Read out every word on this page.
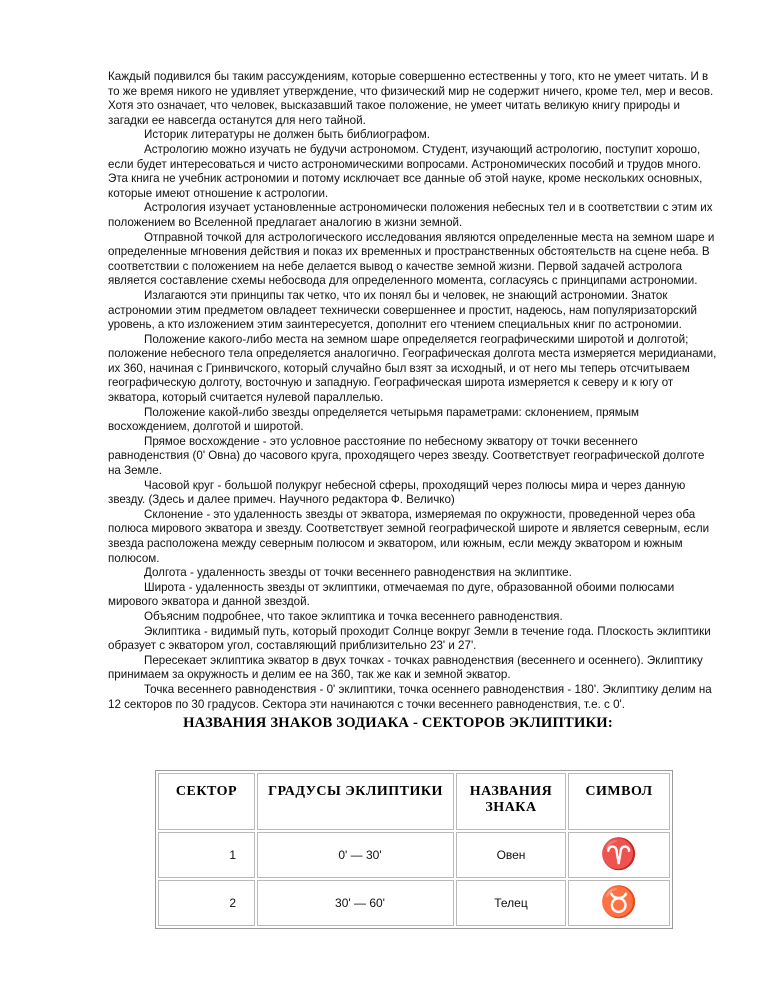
Каждый подивился бы таким рассуждениям, которые совершенно естественны у того, кто не умеет читать. И в то же время никого не удивляет утверждение, что физический мир не содержит ничего, кроме тел, мер и весов. Хотя это означает, что человек, высказавший такое положение, не умеет читать великую книгу природы и загадки ее навсегда останутся для него тайной.

Историк литературы не должен быть библиографом.

Астрологию можно изучать не будучи астрономом. Студент, изучающий астрологию, поступит хорошо, если будет интересоваться и чисто астрономическими вопросами. Астрономических пособий и трудов много. Эта книга не учебник астрономии и потому исключает все данные об этой науке, кроме нескольких основных, которые имеют отношение к астрологии.

Астрология изучает установленные астрономически положения небесных тел и в соответствии с этим их положением во Вселенной предлагает аналогию в жизни земной.

Отправной точкой для астрологического исследования являются определенные места на земном шаре и определенные мгновения действия и показ их временных и пространственных обстоятельств на сцене неба. В соответствии с положением на небе делается вывод о качестве земной жизни. Первой задачей астролога является составление схемы небосвода для определенного момента, согласуясь с принципами астрономии.

Излагаются эти принципы так четко, что их понял бы и человек, не знающий астрономии. Знаток астрономии этим предметом овладеет технически совершеннее и простит, надеюсь, нам популяризаторский уровень, а кто изложением этим заинтересуется, дополнит его чтением специальных книг по астрономии.

Положение какого-либо места на земном шаре определяется географическими широтой и долготой; положение небесного тела определяется аналогично. Географическая долгота места измеряется меридианами, их 360, начиная с Гринвичского, который случайно был взят за исходный, и от него мы теперь отсчитываем географическую долготу, восточную и западную. Географическая широта измеряется к северу и к югу от экватора, который считается нулевой параллелью.

Положение какой-либо звезды определяется четырьмя параметрами: склонением, прямым восхождением, долготой и широтой.

Прямое восхождение - это условное расстояние по небесному экватору от точки весеннего равноденствия (0' Овна) до часового круга, проходящего через звезду. Соответствует географической долготе на Земле.

Часовой круг - большой полукруг небесной сферы, проходящий через полюсы мира и через данную звезду. (Здесь и далее примеч. Научного редактора Ф. Величко)

Склонение - это удаленность звезды от экватора, измеряемая по окружности, проведенной через оба полюса мирового экватора и звезду. Соответствует земной географической широте и является северным, если звезда расположена между северным полюсом и экватором, или южным, если между экватором и южным полюсом.

Долгота - удаленность звезды от точки весеннего равноденствия на эклиптике.

Широта - удаленность звезды от эклиптики, отмечаемая по дуге, образованной обоими полюсами мирового экватора и данной звездой.

Объясним подробнее, что такое эклиптика и точка весеннего равноденствия.

Эклиптика - видимый путь, который проходит Солнце вокруг Земли в течение года. Плоскость эклиптики образует с экватором угол, составляющий приблизительно 23' и 27'.

Пересекает эклиптика экватор в двух точках - точках равноденствия (весеннего и осеннего). Эклиптику принимаем за окружность и делим ее на 360, так же как и земной экватор.

Точка весеннего равноденствия - 0' эклиптики, точка осеннего равноденствия - 180'. Эклиптику делим на 12 секторов по 30 градусов. Сектора эти начинаются с точки весеннего равноденствия, т.е. с 0'.

НАЗВАНИЯ ЗНАКОВ ЗОДИАКА - СЕКТОРОВ ЭКЛИПТИКИ:
СЕКТОР	ГРАДУСЫ ЭКЛИПТИКИ	НАЗВАНИЯ ЗНАКА	СИМВОЛ
1	0' — 30'	Овен	♈
2	30' — 60'	Телец	♉
